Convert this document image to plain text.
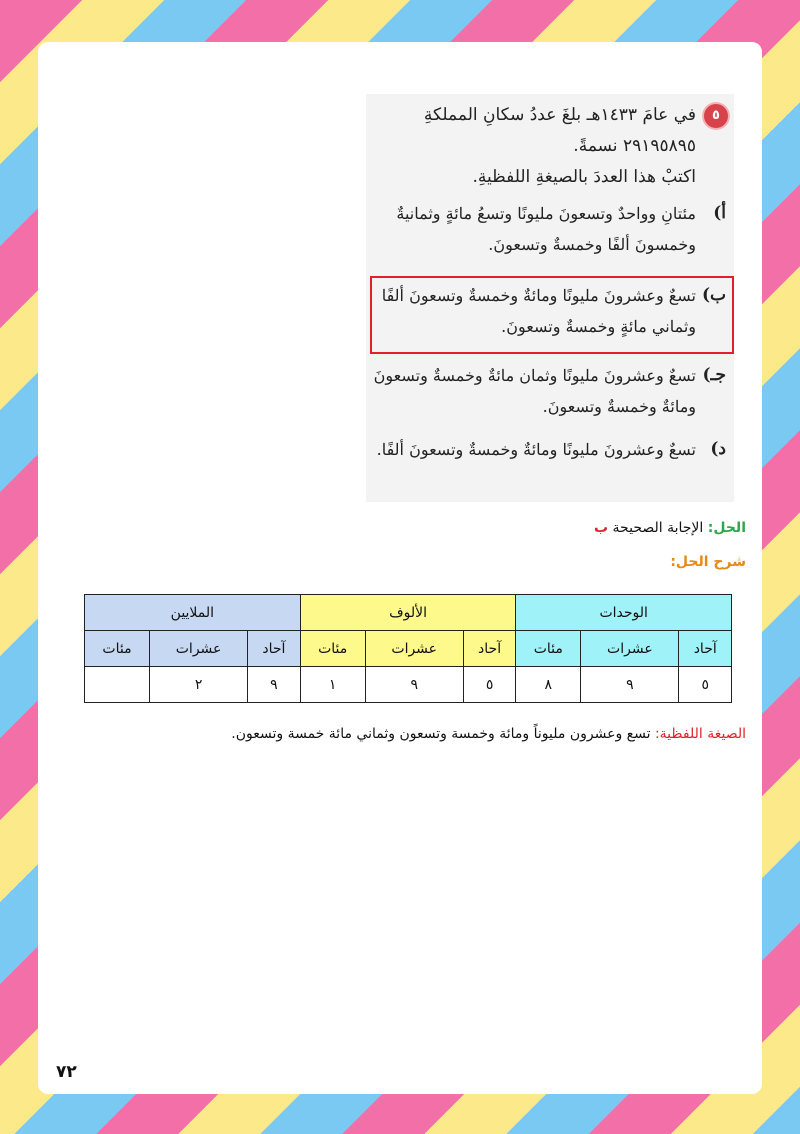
٥
في عامَ ١٤٣٣هـ بلغَ عددُ سكانِ المملكةِ
٢٩١٩٥٨٩٥ نسمةً.
اكتبْ هذا العددَ بالصيغةِ اللفظيةِ.
أ)
مئتانِ وواحدٌ وتسعونَ مليونًا وتسعُ مائةٍ وثمانيةٌ وخمسونَ ألفًا وخمسةٌ وتسعونَ.
ب)
تسعٌ وعشرونَ مليونًا ومائةٌ وخمسةٌ وتسعونَ ألفًا وثماني مائةٍ وخمسةٌ وتسعونَ.
جـ)
تسعٌ وعشرونَ مليونًا وثمان مائةٌ وخمسةٌ وتسعونَ ومائةٌ وخمسةٌ وتسعونَ.
د)
تسعٌ وعشرونَ مليونًا ومائةٌ وخمسةٌ وتسعونَ ألفًا.
الحل: الإجابة الصحيحة ب
شرح الحل:
الوحدات			الألوف			الملايين		
آحاد	عشرات	مئات	آحاد	عشرات	مئات	آحاد	عشرات	مئات
٥	٩	٨	٥	٩	١	٩	٢	
الصيغة اللفظية: تسع وعشرون مليوناً ومائة وخمسة وتسعون وثماني مائة خمسة وتسعون.
٧٢
